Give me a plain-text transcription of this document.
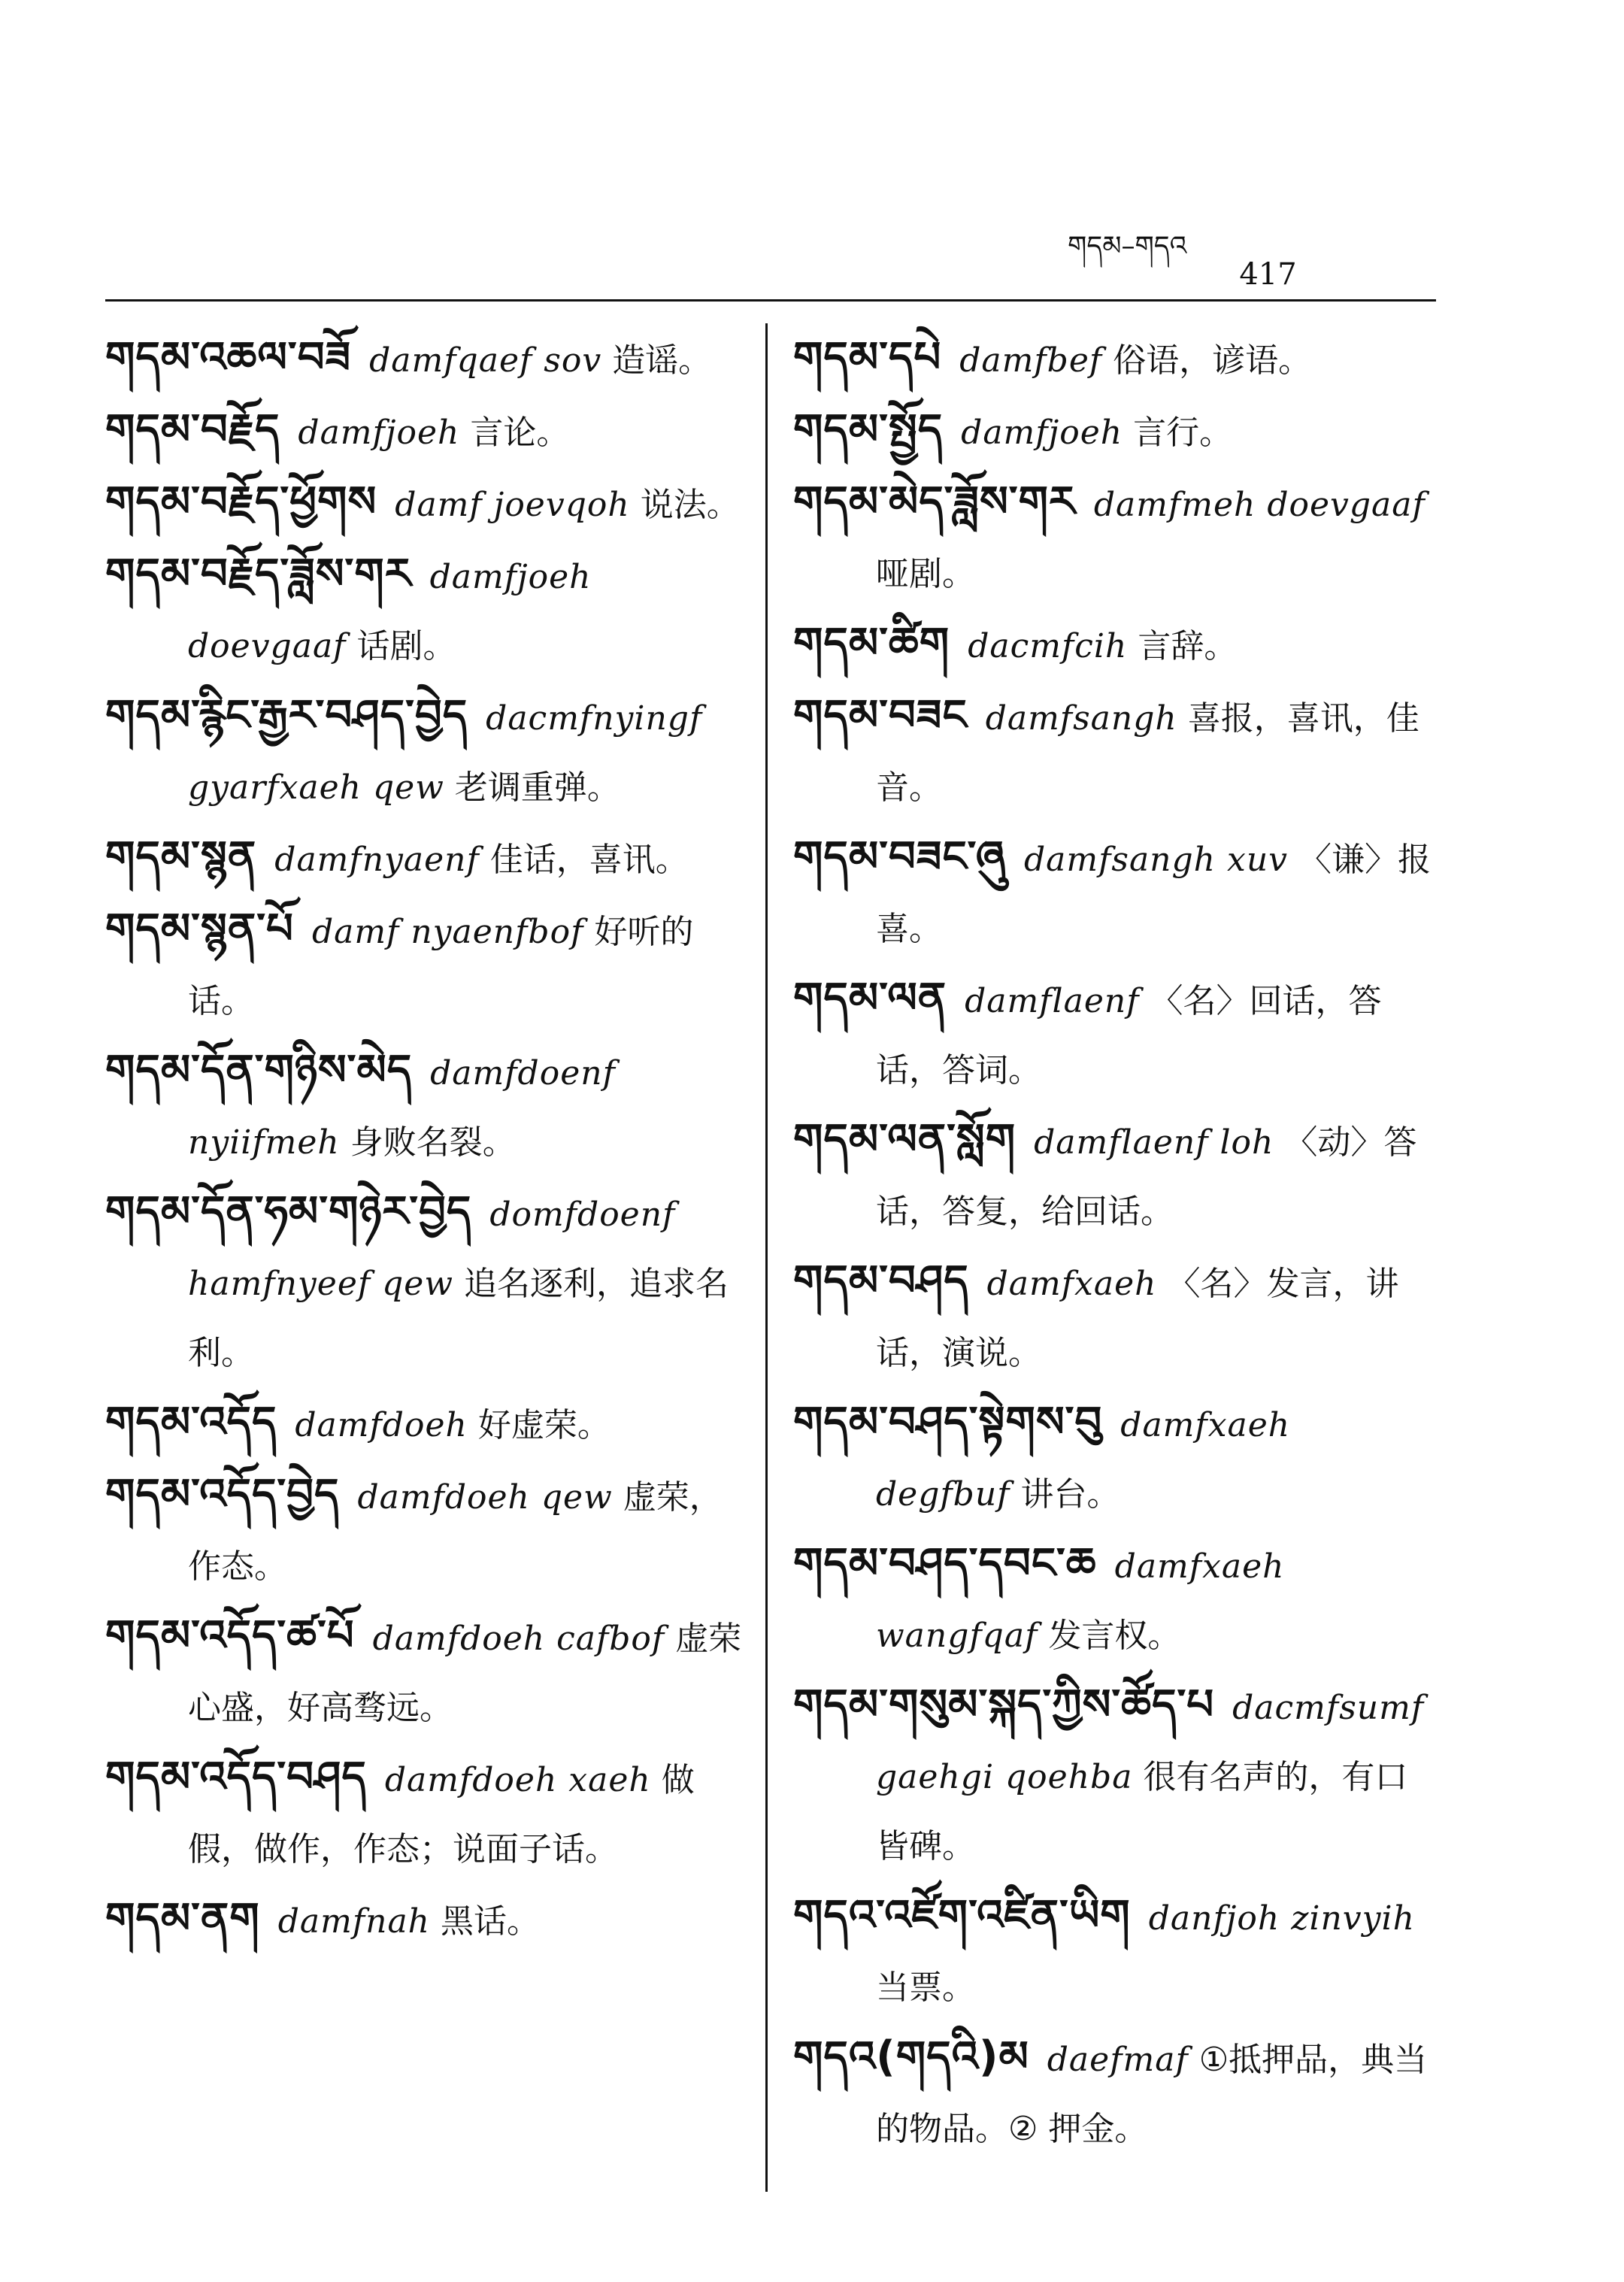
གདམ–གདའ
417

གདམ་འཆལ་བཟོ damfqaef sov 造谣。

གདམ་བརྗོད damfjoeh 言论。

གདམ་བརྗོད་ཕྱོགས damf joevqoh 说法。

གདམ་བརྗོད་ཟློས་གར damfjoeh doevgaaf 话剧。

གདམ་རྙིང་རྒྱར་བཤད་བྱེད dacmfnyingf gyarfxaeh qew 老调重弹。

གདམ་སྙན damfnyaenf 佳话，喜讯。

གདམ་སྙན་པོ damf nyaenfbof 好听的话。

གདམ་དོན་གཉིས་མེད damfdoenf nyiifmeh 身败名裂。

གདམ་དོན་ཧམ་གཉེར་བྱེད domfdoenf hamfnyeef qew 追名逐利，追求名利。

གདམ་འདོད damfdoeh 好虚荣。

གདམ་འདོད་བྱེད damfdoeh qew 虚荣，作态。

གདམ་འདོད་ཚ་པོ damfdoeh cafbof 虚荣心盛，好高骛远。

གདམ་འདོད་བཤད damfdoeh xaeh 做假，做作，作态；说面子话。

གདམ་ནག damfnah 黑话。

གདམ་དཔེ damfbef 俗语，谚语。

གདམ་སྤྱོད damfjoeh 言行。

གདམ་མེད་ཟློས་གར damfmeh doevgaaf哑剧。

གདམ་ཚིག dacmfcih 言辞。

གདམ་བཟང damfsangh 喜报，喜讯，佳音。

གདམ་བཟང་ཞུ damfsangh xuv 〈谦〉报喜。

གདམ་ལན damflaenf 〈名〉回话，答话，答词。

གདམ་ལན་སློག damflaenf loh 〈动〉答话，答复，给回话。

གདམ་བཤད damfxaeh 〈名〉发言，讲话，演说。

གདམ་བཤད་སྟེགས་བུ damfxaeh degfbuf 讲台。

གདམ་བཤད་དབང་ཆ damfxaeh wangfqaf 发言权。

གདམ་གསུམ་སྐད་ཀྱིས་ཚོད་པ dacmfsumf gaehgi qoehba 很有名声的，有口皆碑。

གདའ་འཛོག་འཛིན་ཡིག danfjoh zinvyih当票。

གདའ(གདའི)མ daefmaf ①抵押品，典当的物品。② 押金。
